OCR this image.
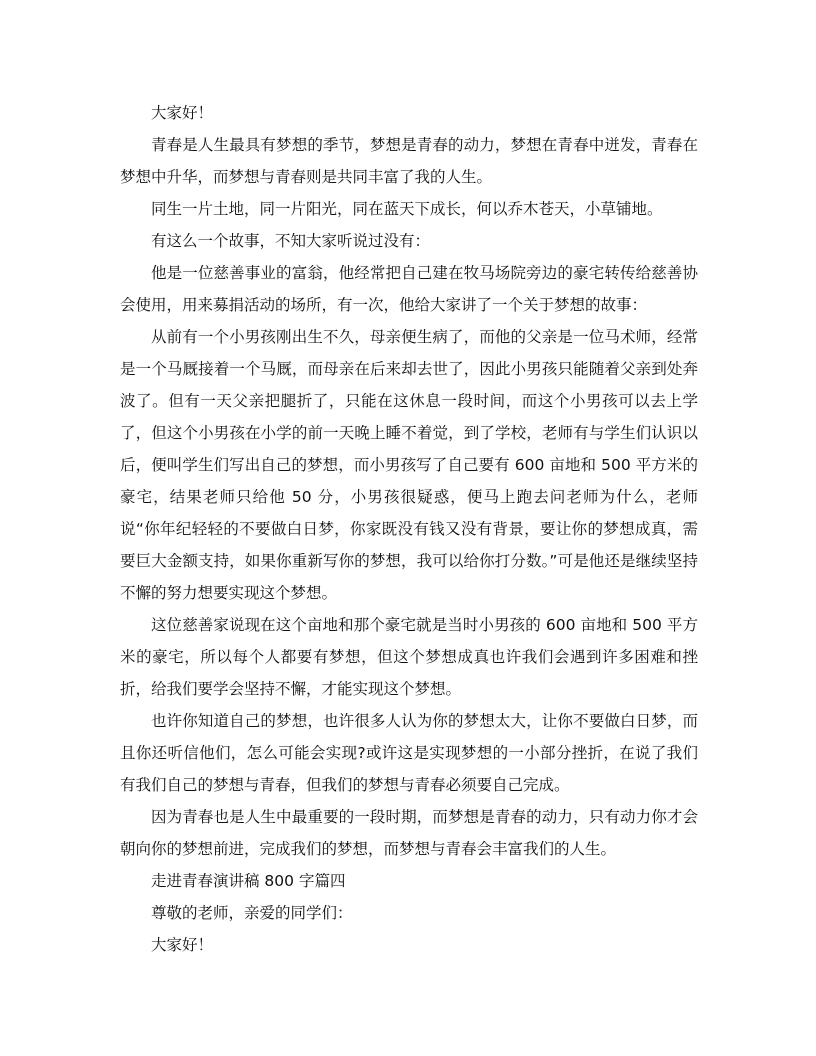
大家好！

青春是人生最具有梦想的季节，梦想是青春的动力，梦想在青春中迸发，青春在梦想中升华，而梦想与青春则是共同丰富了我的人生。

同生一片土地，同一片阳光，同在蓝天下成长，何以乔木苍天，小草铺地。

有这么一个故事，不知大家听说过没有：

他是一位慈善事业的富翁，他经常把自己建在牧马场院旁边的豪宅转传给慈善协会使用，用来募捐活动的场所，有一次，他给大家讲了一个关于梦想的故事：

从前有一个小男孩刚出生不久，母亲便生病了，而他的父亲是一位马术师，经常是一个马厩接着一个马厩，而母亲在后来却去世了，因此小男孩只能随着父亲到处奔波了。但有一天父亲把腿折了，只能在这休息一段时间，而这个小男孩可以去上学了，但这个小男孩在小学的前一天晚上睡不着觉，到了学校，老师有与学生们认识以后，便叫学生们写出自己的梦想，而小男孩写了自己要有 600 亩地和 500 平方米的豪宅，结果老师只给他 50 分，小男孩很疑惑，便马上跑去问老师为什么，老师说“你年纪轻轻的不要做白日梦，你家既没有钱又没有背景，要让你的梦想成真，需要巨大金额支持，如果你重新写你的梦想，我可以给你打分数。”可是他还是继续坚持不懈的努力想要实现这个梦想。

这位慈善家说现在这个亩地和那个豪宅就是当时小男孩的 600 亩地和 500 平方米的豪宅，所以每个人都要有梦想，但这个梦想成真也许我们会遇到许多困难和挫折，给我们要学会坚持不懈，才能实现这个梦想。

也许你知道自己的梦想，也许很多人认为你的梦想太大，让你不要做白日梦，而且你还听信他们，怎么可能会实现?或许这是实现梦想的一小部分挫折，在说了我们有我们自己的梦想与青春，但我们的梦想与青春必须要自己完成。

因为青春也是人生中最重要的一段时期，而梦想是青春的动力，只有动力你才会朝向你的梦想前进，完成我们的梦想，而梦想与青春会丰富我们的人生。

走进青春演讲稿 800 字篇四

尊敬的老师，亲爱的同学们：

大家好！
